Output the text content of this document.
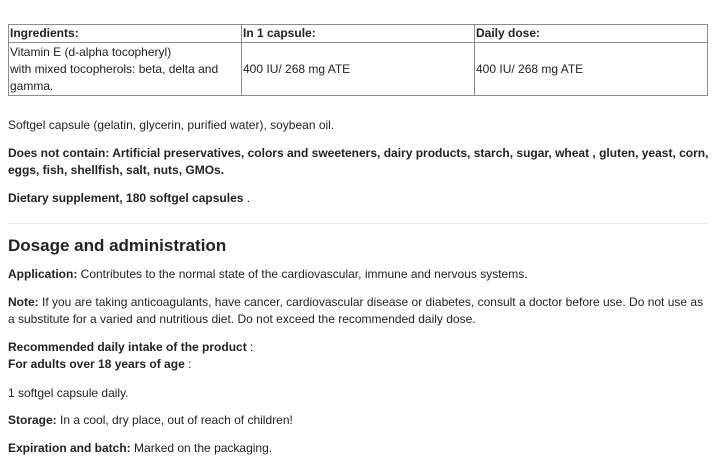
Ingredients:	In 1 capsule:	Daily dose:
Vitamin E (d-alpha tocopheryl)
with mixed tocopherols: beta, delta and
gamma.	400 IU/ 268 mg ATE	400 IU/ 268 mg ATE

Softgel capsule (gelatin, glycerin, purified water), soybean oil.

Does not contain: Artificial preservatives, colors and sweeteners, dairy products, starch, sugar, wheat , gluten, yeast, corn, eggs, fish, shellfish, salt, nuts, GMOs.

Dietary supplement, 180 softgel capsules .

Dosage and administration

Application: Contributes to the normal state of the cardiovascular, immune and nervous systems.

Note: If you are taking anticoagulants, have cancer, cardiovascular disease or diabetes, consult a doctor before use. Do not use as a substitute for a varied and nutritious diet. Do not exceed the recommended daily dose.

Recommended daily intake of the product :
For adults over 18 years of age :

1 softgel capsule daily.

Storage: In a cool, dry place, out of reach of children!

Expiration and batch: Marked on the packaging.
